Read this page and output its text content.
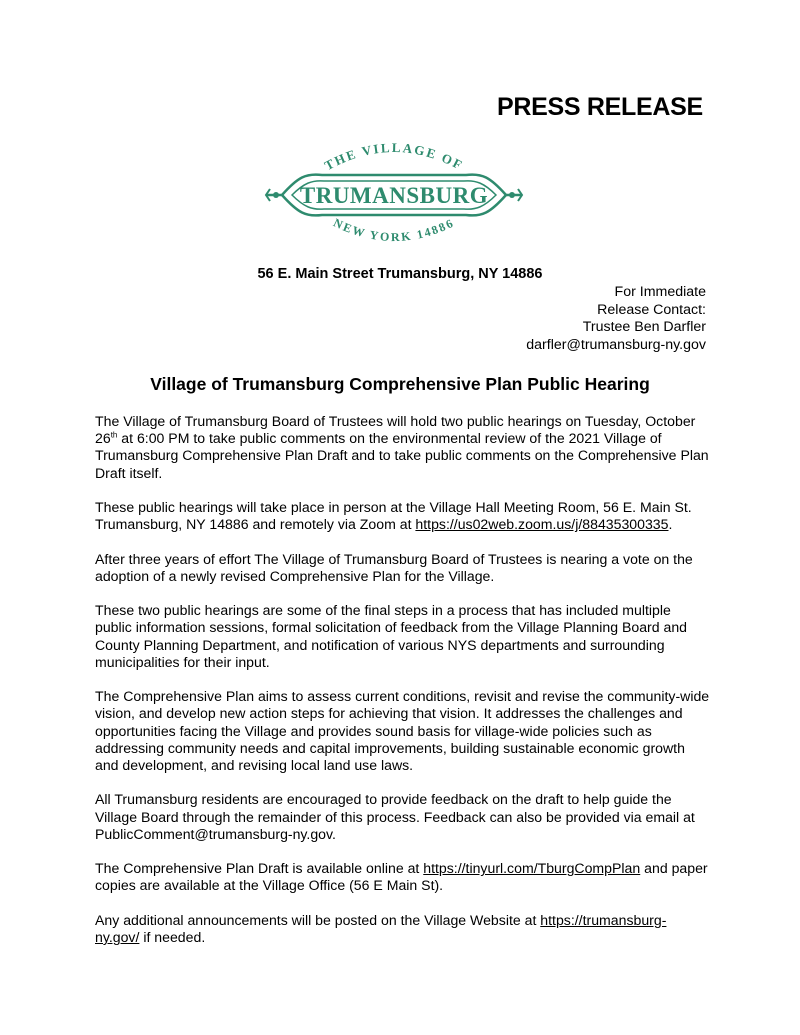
PRESS RELEASE
THE VILLAGE OF
TRUMANSBURG
NEW YORK 14886

56 E. Main Street Trumansburg, NY 14886

For Immediate
Release Contact:
Trustee Ben Darfler
darfler@trumansburg-ny.gov
Village of Trumansburg Comprehensive Plan Public Hearing

The Village of Trumansburg Board of Trustees will hold two public hearings on Tuesday, October 26th at 6:00 PM to take public comments on the environmental review of the 2021 Village of Trumansburg Comprehensive Plan Draft and to take public comments on the Comprehensive Plan Draft itself.

These public hearings will take place in person at the Village Hall Meeting Room, 56 E. Main St. Trumansburg, NY 14886 and remotely via Zoom at https://us02web.zoom.us/j/88435300335.

After three years of effort The Village of Trumansburg Board of Trustees is nearing a vote on the adoption of a newly revised Comprehensive Plan for the Village.

These two public hearings are some of the final steps in a process that has included multiple public information sessions, formal solicitation of feedback from the Village Planning Board and County Planning Department, and notification of various NYS departments and surrounding municipalities for their input.

The Comprehensive Plan aims to assess current conditions, revisit and revise the community-wide vision, and develop new action steps for achieving that vision. It addresses the challenges and opportunities facing the Village and provides sound basis for village-wide policies such as addressing community needs and capital improvements, building sustainable economic growth and development, and revising local land use laws.

All Trumansburg residents are encouraged to provide feedback on the draft to help guide the Village Board through the remainder of this process. Feedback can also be provided via email at PublicComment@trumansburg-ny.gov.

The Comprehensive Plan Draft is available online at https://tinyurl.com/TburgCompPlan and paper copies are available at the Village Office (56 E Main St).

Any additional announcements will be posted on the Village Website at https://trumansburg-ny.gov/ if needed.
